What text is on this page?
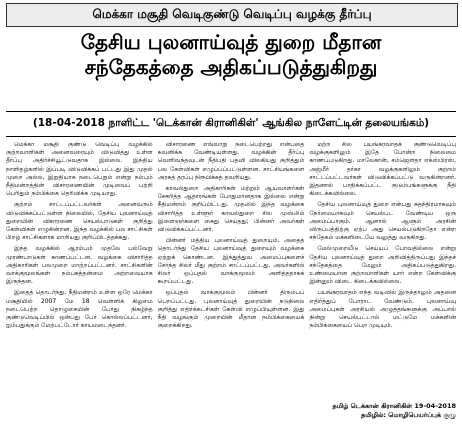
மெக்கா மசூதி வெடிகுண்டு வெடிப்பு வழக்கு தீர்ப்பு
தேசிய புலனாய்வுத் துறை மீதான
சந்தேகத்தை அதிகப்படுத்துகிறது
(18-04-2018 நாளிட்ட 'டெக்கான் கிரானிகிள்' ஆங்கில நாளேட்டின் தலையங்கம்)

மெக்கா மசூதி குண்டு வெடிப்பு வழக்கில் குற்றவாளிகள் அனைவரையும் விடுவித்து உள்ள தீர்ப்பு அதிர்ச்சியூட்டுவதாக இல்லை. இந்திய நாளிதழ்களில் இப்படி விடுவிக்கப் பட்டது இது முதல் முறை அல்ல, இறுதியாக நடைபெறும் என்று நம்பும் நீதிமன்றத்தின் விசாரணையின் முடிவைப் பற்றி பெரிதும் நம்பிக்கை தெரிவிக்க முடியாது.

குற்றம் சாட்டப்பட்டவர்கள் அனைவரும் விடுவிக்கப்பட்டுள்ள நிலையில், தேசிய புலனாய்வுத் துறையின் விசாரணை செயல்பாடுகள் குறித்து கேள்விகள் எழுகின்றன. இந்த வழக்கில் பல சாட்சிகள் பிறழ் சாட்சிகளாக மாறியது குறிப்பிடத்தக்கது.

இந்த வழக்கில் ஆரம்பம் முதலே பல்வேறு முரண்பாடுகள் காணப்பட்டன. வழக்கை விசாரித்த அதிகாரிகள் பலமுறை மாற்றப்பட்டனர். சாட்சிகளின் வாக்குமூலங்கள் நம்பகத்தன்மை அற்றவையாக இருந்தன.

இதைத் தொடர்ந்து, நீதிமன்றம் உள்ள ஒரே மெக்கா மசூதியில் 2007 மே 18 வெள்ளிக் கிழமை நடைபெற்ற தொழுகையின் போது நிகழ்ந்த குண்டுவெடிப்பில் ஒன்பது பேர் கொல்லப்பட்டனர், ஐம்பதுக்கும் மேற்பட்டோர் காயமடைந்தனர்.

விசாரணை எவ்வாறு நடைபெற்றது என்பதை கவனிக்க வேண்டியுள்ளது. வழக்கின் தீர்ப்பு வெளிவந்தவுடன் நீதிபதி பதவி விலகியது குறித்தும் பல கேள்விகள் எழுப்பப்பட்டுள்ளன. சாட்சியங்களை அரசுத் தரப்பு நிரூபிக்கத் தவறியது.

காவல்துறை அதிகாரிகள் மற்றும் ஆய்வாளர்கள் சேகரித்த ஆதாரங்கள் போதுமானதாக இல்லை என்று நீதிமன்றம் குறிப்பிட்டது. முதலில் இந்த வழக்கை விசாரித்த உள்ளூர் காவல்துறை சில முஸ்லிம் இளைஞர்களை கைது செய்தது; பின்னர் அவர்கள் விடுவிக்கப்பட்டனர்.

பின்னர் மத்திய புலனாய்வுத் துறையும், அதைத் தொடர்ந்து தேசிய புலனாய்வுத் துறையும் வழக்கை ஏற்றுக் கொண்டன. இந்துத்துவ அமைப்புகளைச் சேர்ந்த சிலர் மீது குற்றம் சாட்டப்பட்டது. அவர்களில் சிலர் ஒப்புதல் வாக்குமூலம் அளித்ததாகக் கூறப்பட்டது.

ஒப்புதல் வாக்குமூலம் பின்னர் திரும்பப் பெறப்பட்டது. புலனாய்வுத் துறையின் நடுநிலை குறித்து எதிர்க்கட்சிகள் கேள்வி எழுப்பியுள்ளன. இது நீதி வழங்கும் முறையின் மீதான நம்பிக்கையைக் குறைக்கிறது.

மற்ற சில பயங்கரவாதக் குண்டுவெடிப்பு வழக்குகளிலும் இதே போன்ற நிலைமை காணப்படுகிறது. மாலேகான், சம்ஜௌதா எக்ஸ்பிரஸ், அஜ்மீர் தர்கா வழக்குகளிலும் குற்றம் சாட்டப்பட்டவர்கள் விடுவிக்கப்பட்டு வருகின்றனர். இதனால் பாதிக்கப்பட்ட குடும்பங்களுக்கு நீதி கிடைக்கவில்லை.

தேசிய புலனாய்வுத் துறை என்பது சுதந்திரமாகவும் நேர்மையாகவும் செயல்பட வேண்டிய ஒரு அமைப்பாகும். ஆனால் ஆளும் அரசின் விருப்பத்திற்கு ஏற்ப அது செயல்படுகிறதோ என்ற சந்தேகம் மக்களிடையே வலுத்து வருகிறது.

மேல்முறையீடு செய்யப் போவதில்லை என்று தேசிய புலனாய்வுத் துறை அறிவித்திருப்பது இந்தச் சந்தேகத்தை மேலும் அதிகப்படுத்துகிறது. உண்மையான குற்றவாளிகள் யார் என்ற கேள்விக்கு இன்னும் விடை கிடைக்கவில்லை.

பயங்கரவாதம் எந்த வடிவில் இருந்தாலும் அதனை எதிர்த்துப் போராட வேண்டும். புலனாய்வு அமைப்புகள் அரசியல் அழுத்தங்களுக்கு அப்பால் நின்று செயல்பட்டால் மட்டுமே மக்களின் நம்பிக்கையைப் பெற முடியும்.

தமிழ் டெக்கான் கிரானிகிள் 19-04-2018
தமிழில்: மொழிபெயர்ப்புக் குழு
